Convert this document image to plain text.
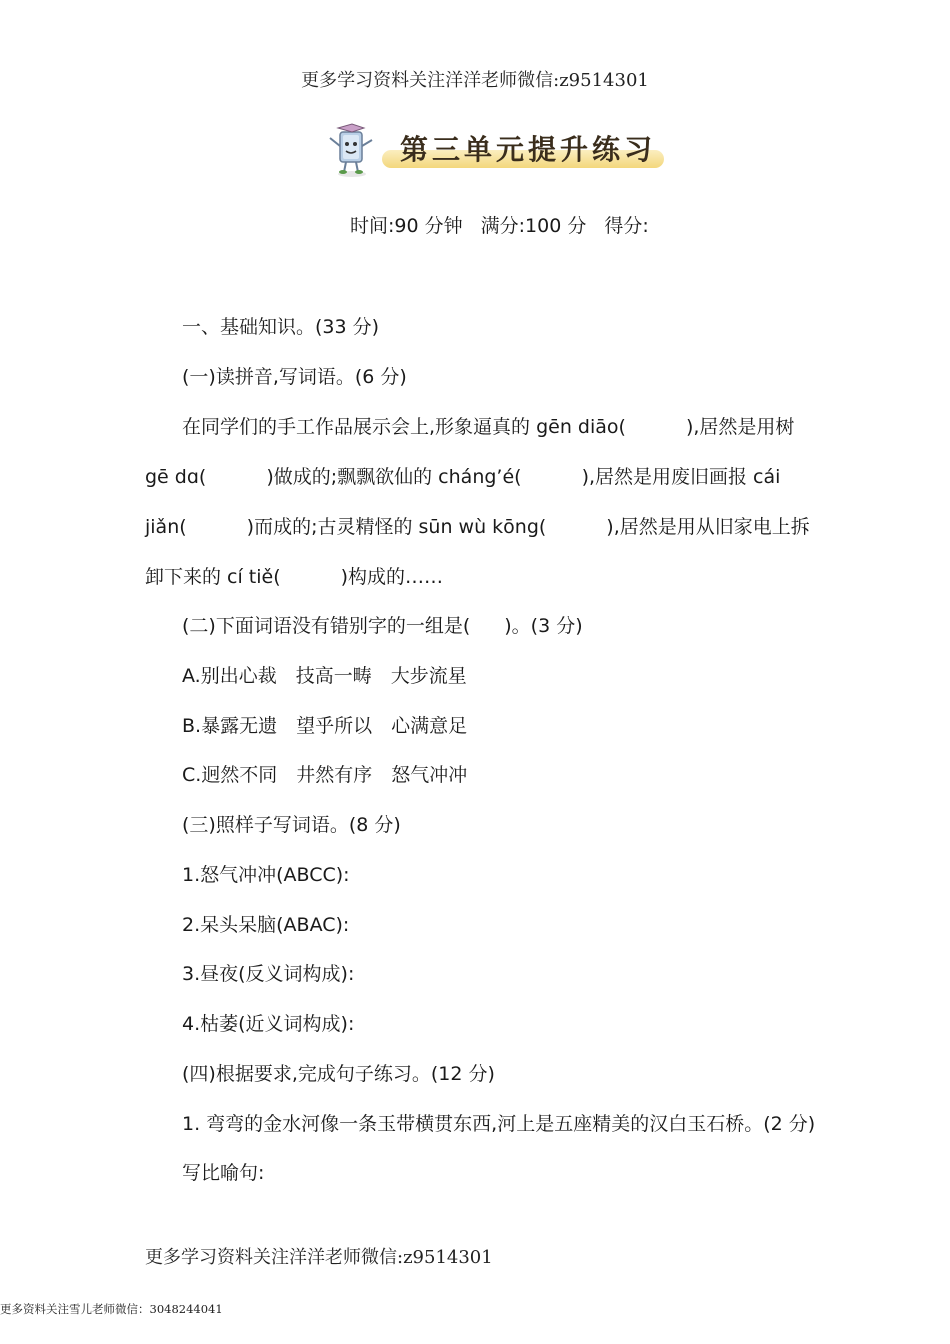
更多学习资料关注洋洋老师微信:z9514301
第三单元提升练习
时间:90 分钟 满分:100 分 得分:
一、基础知识。(33 分)
(一)读拼音,写词语。(6 分)
在同学们的手工作品展示会上,形象逼真的 gēn diāo(	),居然是用树
gē dɑ(	)做成的;飘飘欲仙的 cháng’é(	),居然是用废旧画报 cái
jiǎn(	)而成的;古灵精怪的 sūn wù kōng(	),居然是用从旧家电上拆
卸下来的 cí tiě(	)构成的……
(二)下面词语没有错别字的一组是( )。(3 分)
A.别出心裁　技高一畴　大步流星
B.暴露无遗　望乎所以　心满意足
C.迥然不同　井然有序　怒气冲冲
(三)照样子写词语。(8 分)
1.怒气冲冲(ABCC):
2.呆头呆脑(ABAC):
3.昼夜(反义词构成):
4.枯萎(近义词构成):
(四)根据要求,完成句子练习。(12 分)
1. 弯弯的金水河像一条玉带横贯东西,河上是五座精美的汉白玉石桥。(2 分)
写比喻句:
更多学习资料关注洋洋老师微信:z9514301
更多资料关注雪儿老师微信：3048244041
